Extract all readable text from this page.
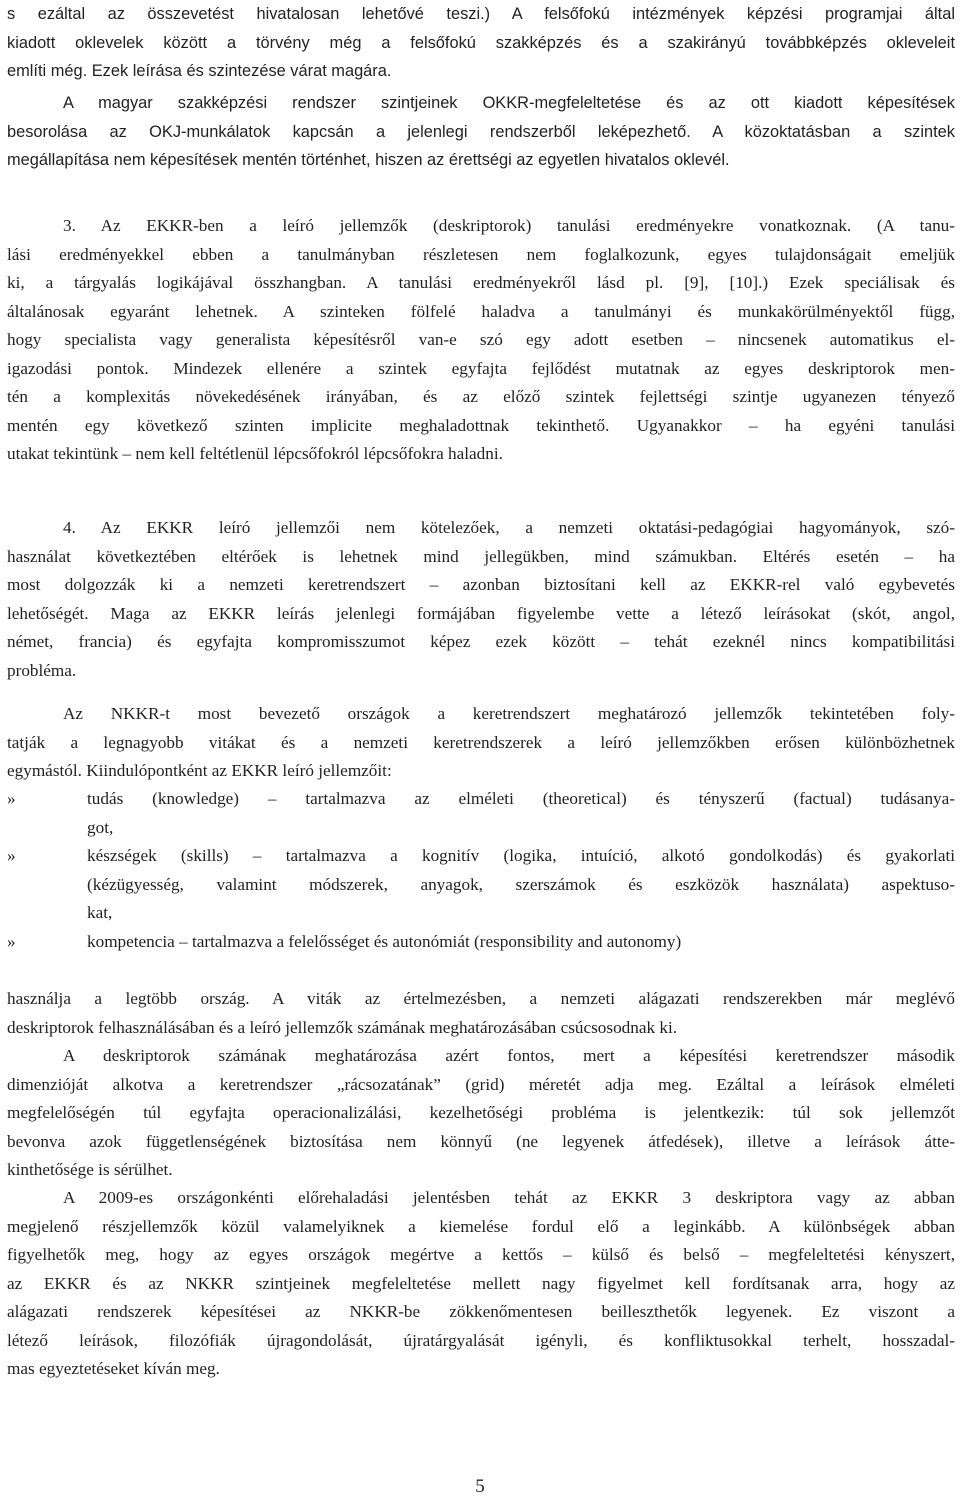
s ezáltal az összevetést hivatalosan lehetővé teszi.) A felsőfokú intézmények képzési programjai által
kiadott oklevelek között a törvény még a felsőfokú szakképzés és a szakirányú továbbképzés okleveleit
említi még. Ezek leírása és szintezése várat magára.
A magyar szakképzési rendszer szintjeinek OKKR-megfeleltetése és az ott kiadott képesítések
besorolása az OKJ-munkálatok kapcsán a jelenlegi rendszerből leképezhető. A közoktatásban a szintek
megállapítása nem képesítések mentén történhet, hiszen az érettségi az egyetlen hivatalos oklevél.
3. Az EKKR-ben a leíró jellemzők (deskriptorok) tanulási eredményekre vonatkoznak. (A tanu-
lási eredményekkel ebben a tanulmányban részletesen nem foglalkozunk, egyes tulajdonságait emeljük
ki, a tárgyalás logikájával összhangban. A tanulási eredményekről lásd pl. [9], [10].) Ezek speciálisak és
általánosak egyaránt lehetnek. A szinteken fölfelé haladva a tanulmányi és munkakörülményektől függ,
hogy specialista vagy generalista képesítésről van-e szó egy adott esetben – nincsenek automatikus el-
igazodási pontok. Mindezek ellenére a szintek egyfajta fejlődést mutatnak az egyes deskriptorok men-
tén a komplexitás növekedésének irányában, és az előző szintek fejlettségi szintje ugyanezen tényező
mentén egy következő szinten implicite meghaladottnak tekinthető. Ugyanakkor – ha egyéni tanulási
utakat tekintünk – nem kell feltétlenül lépcsőfokról lépcsőfokra haladni.
4. Az EKKR leíró jellemzői nem kötelezőek, a nemzeti oktatási-pedagógiai hagyományok, szó-
használat következtében eltérőek is lehetnek mind jellegükben, mind számukban. Eltérés esetén – ha
most dolgozzák ki a nemzeti keretrendszert – azonban biztosítani kell az EKKR-rel való egybevetés
lehetőségét. Maga az EKKR leírás jelenlegi formájában figyelembe vette a létező leírásokat (skót, angol,
német, francia) és egyfajta kompromisszumot képez ezek között – tehát ezeknél nincs kompatibilitási
probléma.
Az NKKR-t most bevezető országok a keretrendszert meghatározó jellemzők tekintetében foly-
tatják a legnagyobb vitákat és a nemzeti keretrendszerek a leíró jellemzőkben erősen különbözhetnek
egymástól. Kiindulópontként az EKKR leíró jellemzőit:
»	tudás (knowledge) – tartalmazva az elméleti (theoretical) és tényszerű (factual) tudásanya-
got,
»	készségek (skills) – tartalmazva a kognitív (logika, intuíció, alkotó gondolkodás) és gyakorlati
(kézügyesség, valamint módszerek, anyagok, szerszámok és eszközök használata) aspektuso-
kat,
»	kompetencia – tartalmazva a felelősséget és autonómiát (responsibility and autonomy)
használja a legtöbb ország. A viták az értelmezésben, a nemzeti alágazati rendszerekben már meglévő
deskriptorok felhasználásában és a leíró jellemzők számának meghatározásában csúcsosodnak ki.
A deskriptorok számának meghatározása azért fontos, mert a képesítési keretrendszer második
dimenzióját alkotva a keretrendszer „rácsozatának” (grid) méretét adja meg. Ezáltal a leírások elméleti
megfelelőségén túl egyfajta operacionalizálási, kezelhetőségi probléma is jelentkezik: túl sok jellemzőt
bevonva azok függetlenségének biztosítása nem könnyű (ne legyenek átfedések), illetve a leírások átte-
kinthetősége is sérülhet.
A 2009-es országonkénti előrehaladási jelentésben tehát az EKKR 3 deskriptora vagy az abban
megjelenő részjellemzők közül valamelyiknek a kiemelése fordul elő a leginkább. A különbségek abban
figyelhetők meg, hogy az egyes országok megértve a kettős – külső és belső – megfeleltetési kényszert,
az EKKR és az NKKR szintjeinek megfeleltetése mellett nagy figyelmet kell fordítsanak arra, hogy az
alágazati rendszerek képesítései az NKKR-be zökkenőmentesen beilleszthetők legyenek. Ez viszont a
létező leírások, filozófiák újragondolását, újratárgyalását igényli, és konfliktusokkal terhelt, hosszadal-
mas egyeztetéseket kíván meg.
5
